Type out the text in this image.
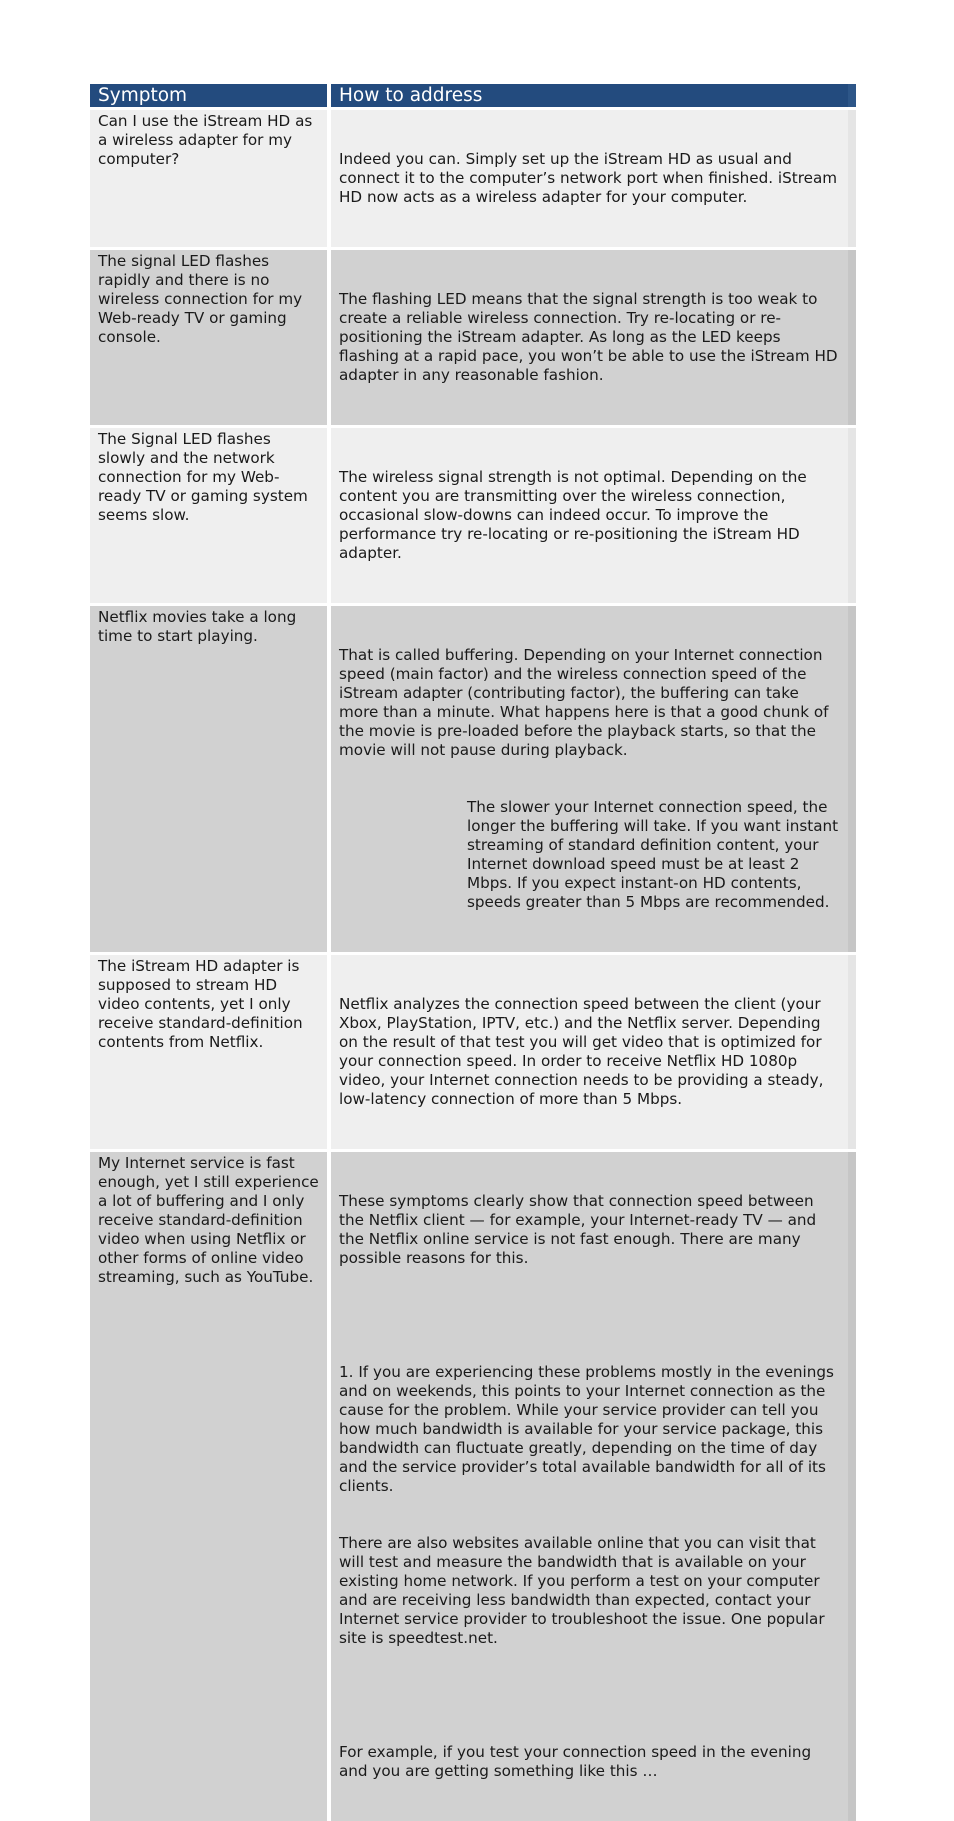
Symptom	How to address
Can I use the iStream HD as a wireless adapter for my computer?

	Indeed you can. Simply set up the iStream HD as usual and connect it to the computer’s network port when finished. iStream HD now acts as a wireless adapter for your computer.

The signal LED flashes rapidly and there is no wireless connection for my Web-ready TV or gaming console.

The flashing LED means that the signal strength is too weak to create a reliable wireless connection. Try re-locating or re-positioning the iStream adapter. As long as the LED keeps flashing at a rapid pace, you won’t be able to use the iStream HD adapter in any reasonable fashion.

The Signal LED flashes slowly and the network connection for my Web-ready TV or gaming system seems slow.

The wireless signal strength is not optimal. Depending on the content you are transmitting over the wireless connection, occasional slow-downs can indeed occur. To improve the performance try re-locating or re-positioning the iStream HD adapter.

Netflix movies take a long time to start playing.

That is called buffering. Depending on your Internet connection speed (main factor) and the wireless connection speed of the iStream adapter (contributing factor), the buffering can take more than a minute. What happens here is that a good chunk of the movie is pre-loaded before the playback starts, so that the movie will not pause during playback.

The slower your Internet connection speed, the longer the buffering will take. If you want instant streaming of standard definition content, your Internet download speed must be at least 2 Mbps. If you expect instant-on HD contents, speeds greater than 5 Mbps are recommended.

The iStream HD adapter is supposed to stream HD video contents, yet I only receive standard-definition contents from Netflix.

Netflix analyzes the connection speed between the client (your Xbox, PlayStation, IPTV, etc.) and the Netflix server. Depending on the result of that test you will get video that is optimized for your connection speed. In order to receive Netflix HD 1080p video, your Internet connection needs to be providing a steady, low-latency connection of more than 5 Mbps.

My Internet service is fast enough, yet I still experience a lot of buffering and I only receive standard-definition video when using Netflix or other forms of online video streaming, such as YouTube.

These symptoms clearly show that connection speed between the Netflix client — for example, your Internet-ready TV — and the Netflix online service is not fast enough. There are many possible reasons for this.

1. If you are experiencing these problems mostly in the evenings and on weekends, this points to your Internet connection as the cause for the problem. While your service provider can tell you how much bandwidth is available for your service package, this bandwidth can fluctuate greatly, depending on the time of day and the service provider’s total available bandwidth for all of its clients.

There are also websites available online that you can visit that will test and measure the bandwidth that is available on your existing home network. If you perform a test on your computer and are receiving less bandwidth than expected, contact your Internet service provider to troubleshoot the issue. One popular site is speedtest.net.

For example, if you test your connection speed in the evening and you are getting something like this …
